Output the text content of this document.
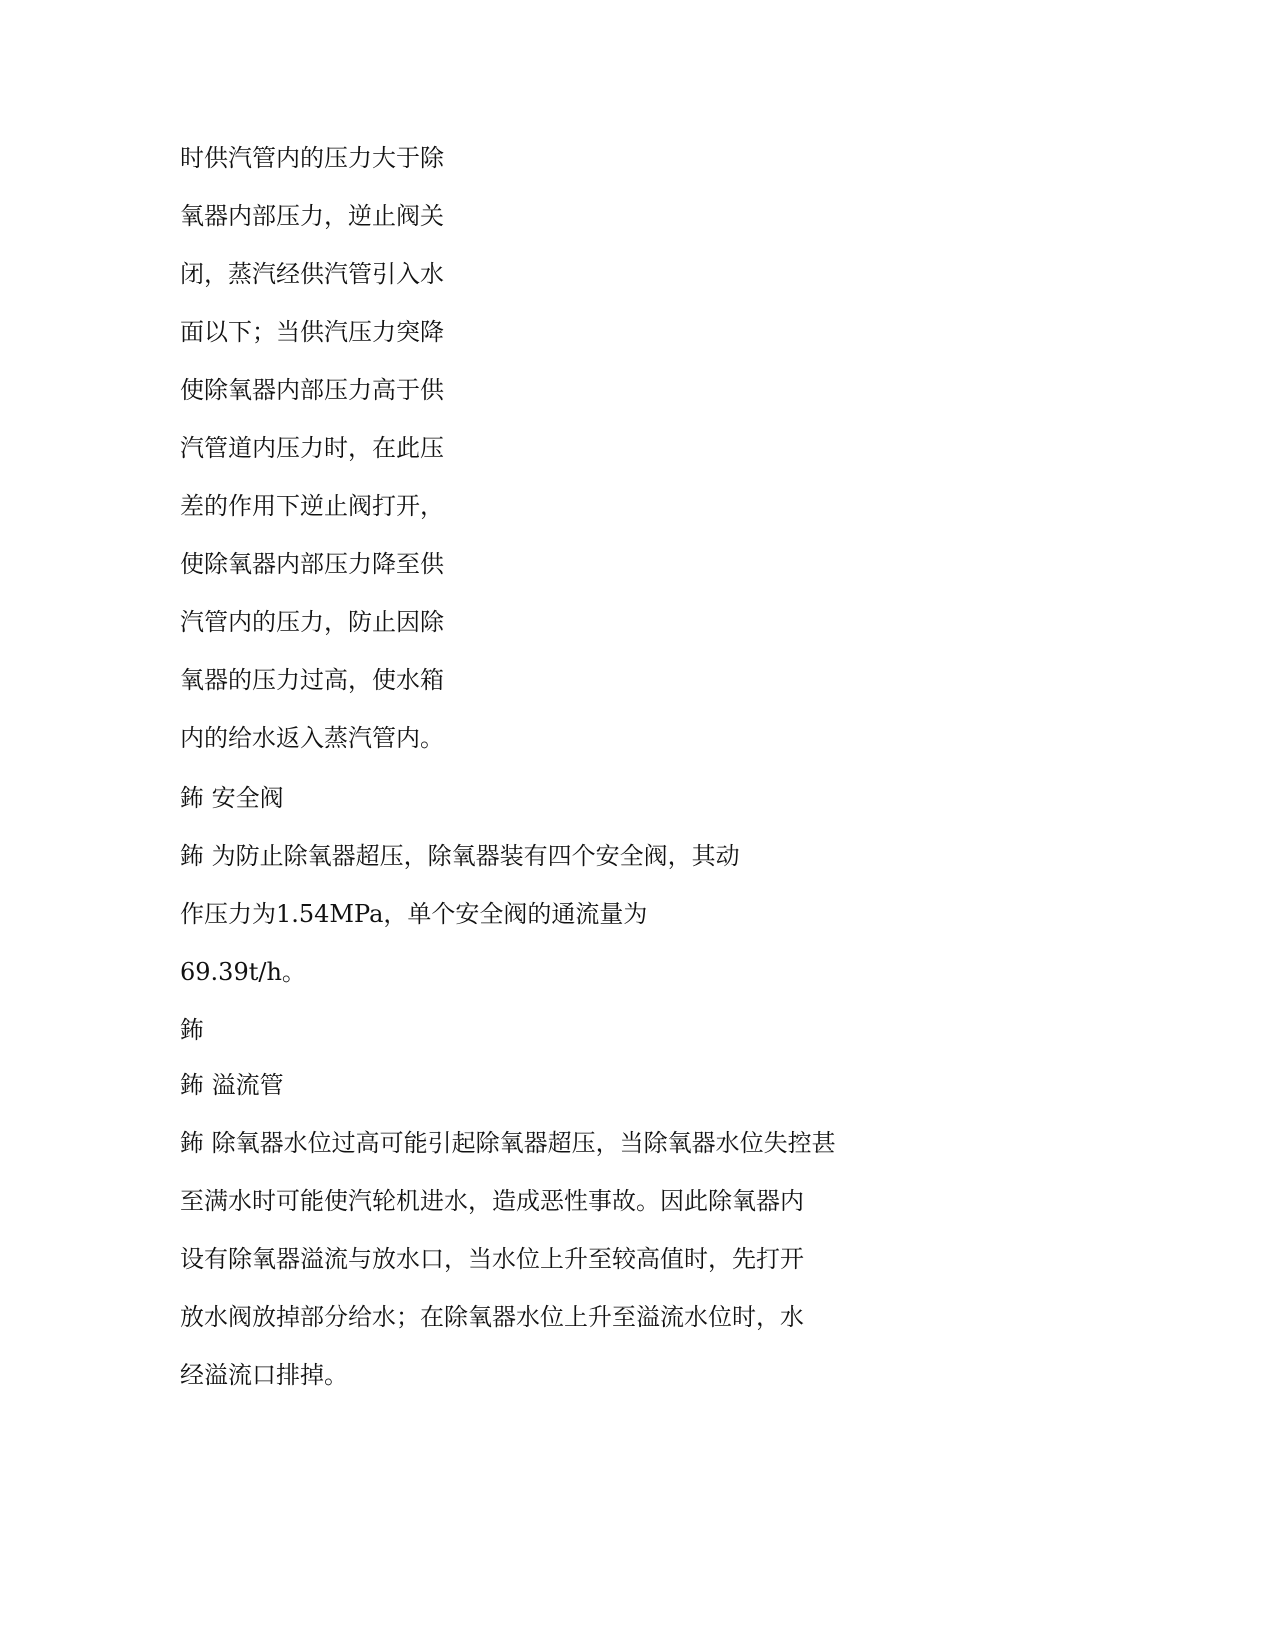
时供汽管内的压力大于除
氧器内部压力，逆止阀关
闭，蒸汽经供汽管引入水
面以下；当供汽压力突降
使除氧器内部压力高于供
汽管道内压力时，在此压
差的作用下逆止阀打开，
使除氧器内部压力降至供
汽管内的压力，防止因除
氧器的压力过高，使水箱
内的给水返入蒸汽管内。
鈽 安全阀
鈽 为防止除氧器超压，除氧器装有四个安全阀，其动
作压力为1.54MPa，单个安全阀的通流量为
69.39t/h。
鈽
鈽 溢流管
鈽 除氧器水位过高可能引起除氧器超压，当除氧器水位失控甚
至满水时可能使汽轮机进水，造成恶性事故。因此除氧器内
设有除氧器溢流与放水口，当水位上升至较高值时，先打开
放水阀放掉部分给水；在除氧器水位上升至溢流水位时，水
经溢流口排掉。
